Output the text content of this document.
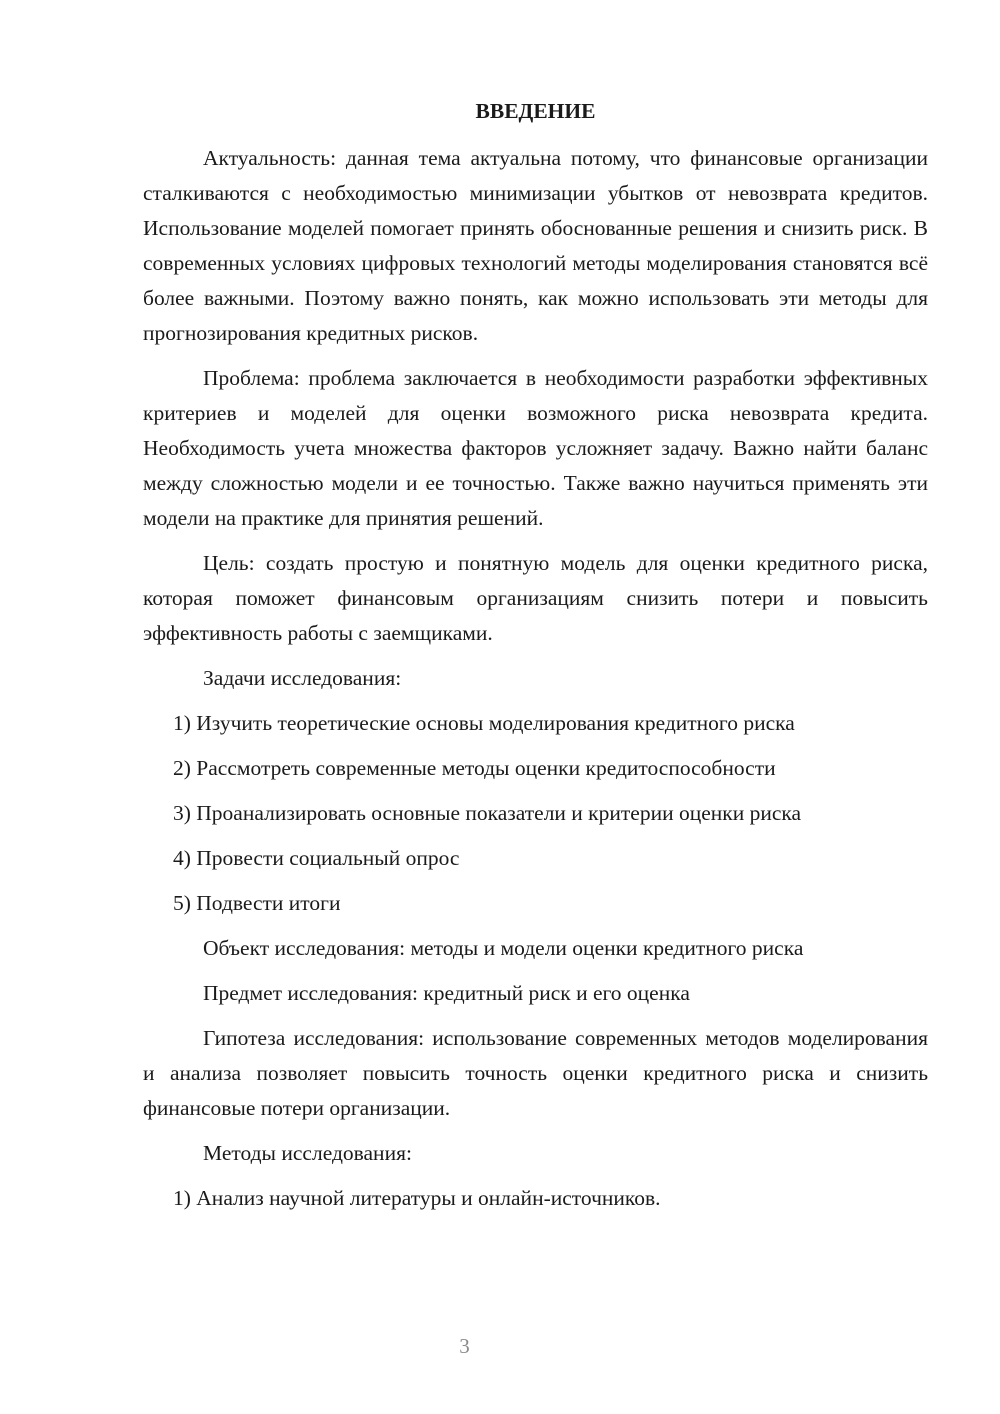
ВВЕДЕНИЕ

Актуальность: данная тема актуальна потому, что финансовые организации сталкиваются с необходимостью минимизации убытков от невозврата кредитов. Использование моделей помогает принять обоснованные решения и снизить риск. В современных условиях цифровых технологий методы моделирования становятся всё более важными. Поэтому важно понять, как можно использовать эти методы для прогнозирования кредитных рисков.

Проблема: проблема заключается в необходимости разработки эффективных критериев и моделей для оценки возможного риска невозврата кредита. Необходимость учета множества факторов усложняет задачу. Важно найти баланс между сложностью модели и ее точностью. Также важно научиться применять эти модели на практике для принятия решений.

Цель: создать простую и понятную модель для оценки кредитного риска, которая поможет финансовым организациям снизить потери и повысить эффективность работы с заемщиками.

Задачи исследования:
1) Изучить теоретические основы моделирования кредитного риска
2) Рассмотреть современные методы оценки кредитоспособности
3) Проанализировать основные показатели и критерии оценки риска
4) Провести социальный опрос
5) Подвести итоги
Объект исследования: методы и модели оценки кредитного риска
Предмет исследования: кредитный риск и его оценка

Гипотеза исследования: использование современных методов моделирования и анализа позволяет повысить точность оценки кредитного риска и снизить финансовые потери организации.

Методы исследования:
1) Анализ научной литературы и онлайн-источников.
3
